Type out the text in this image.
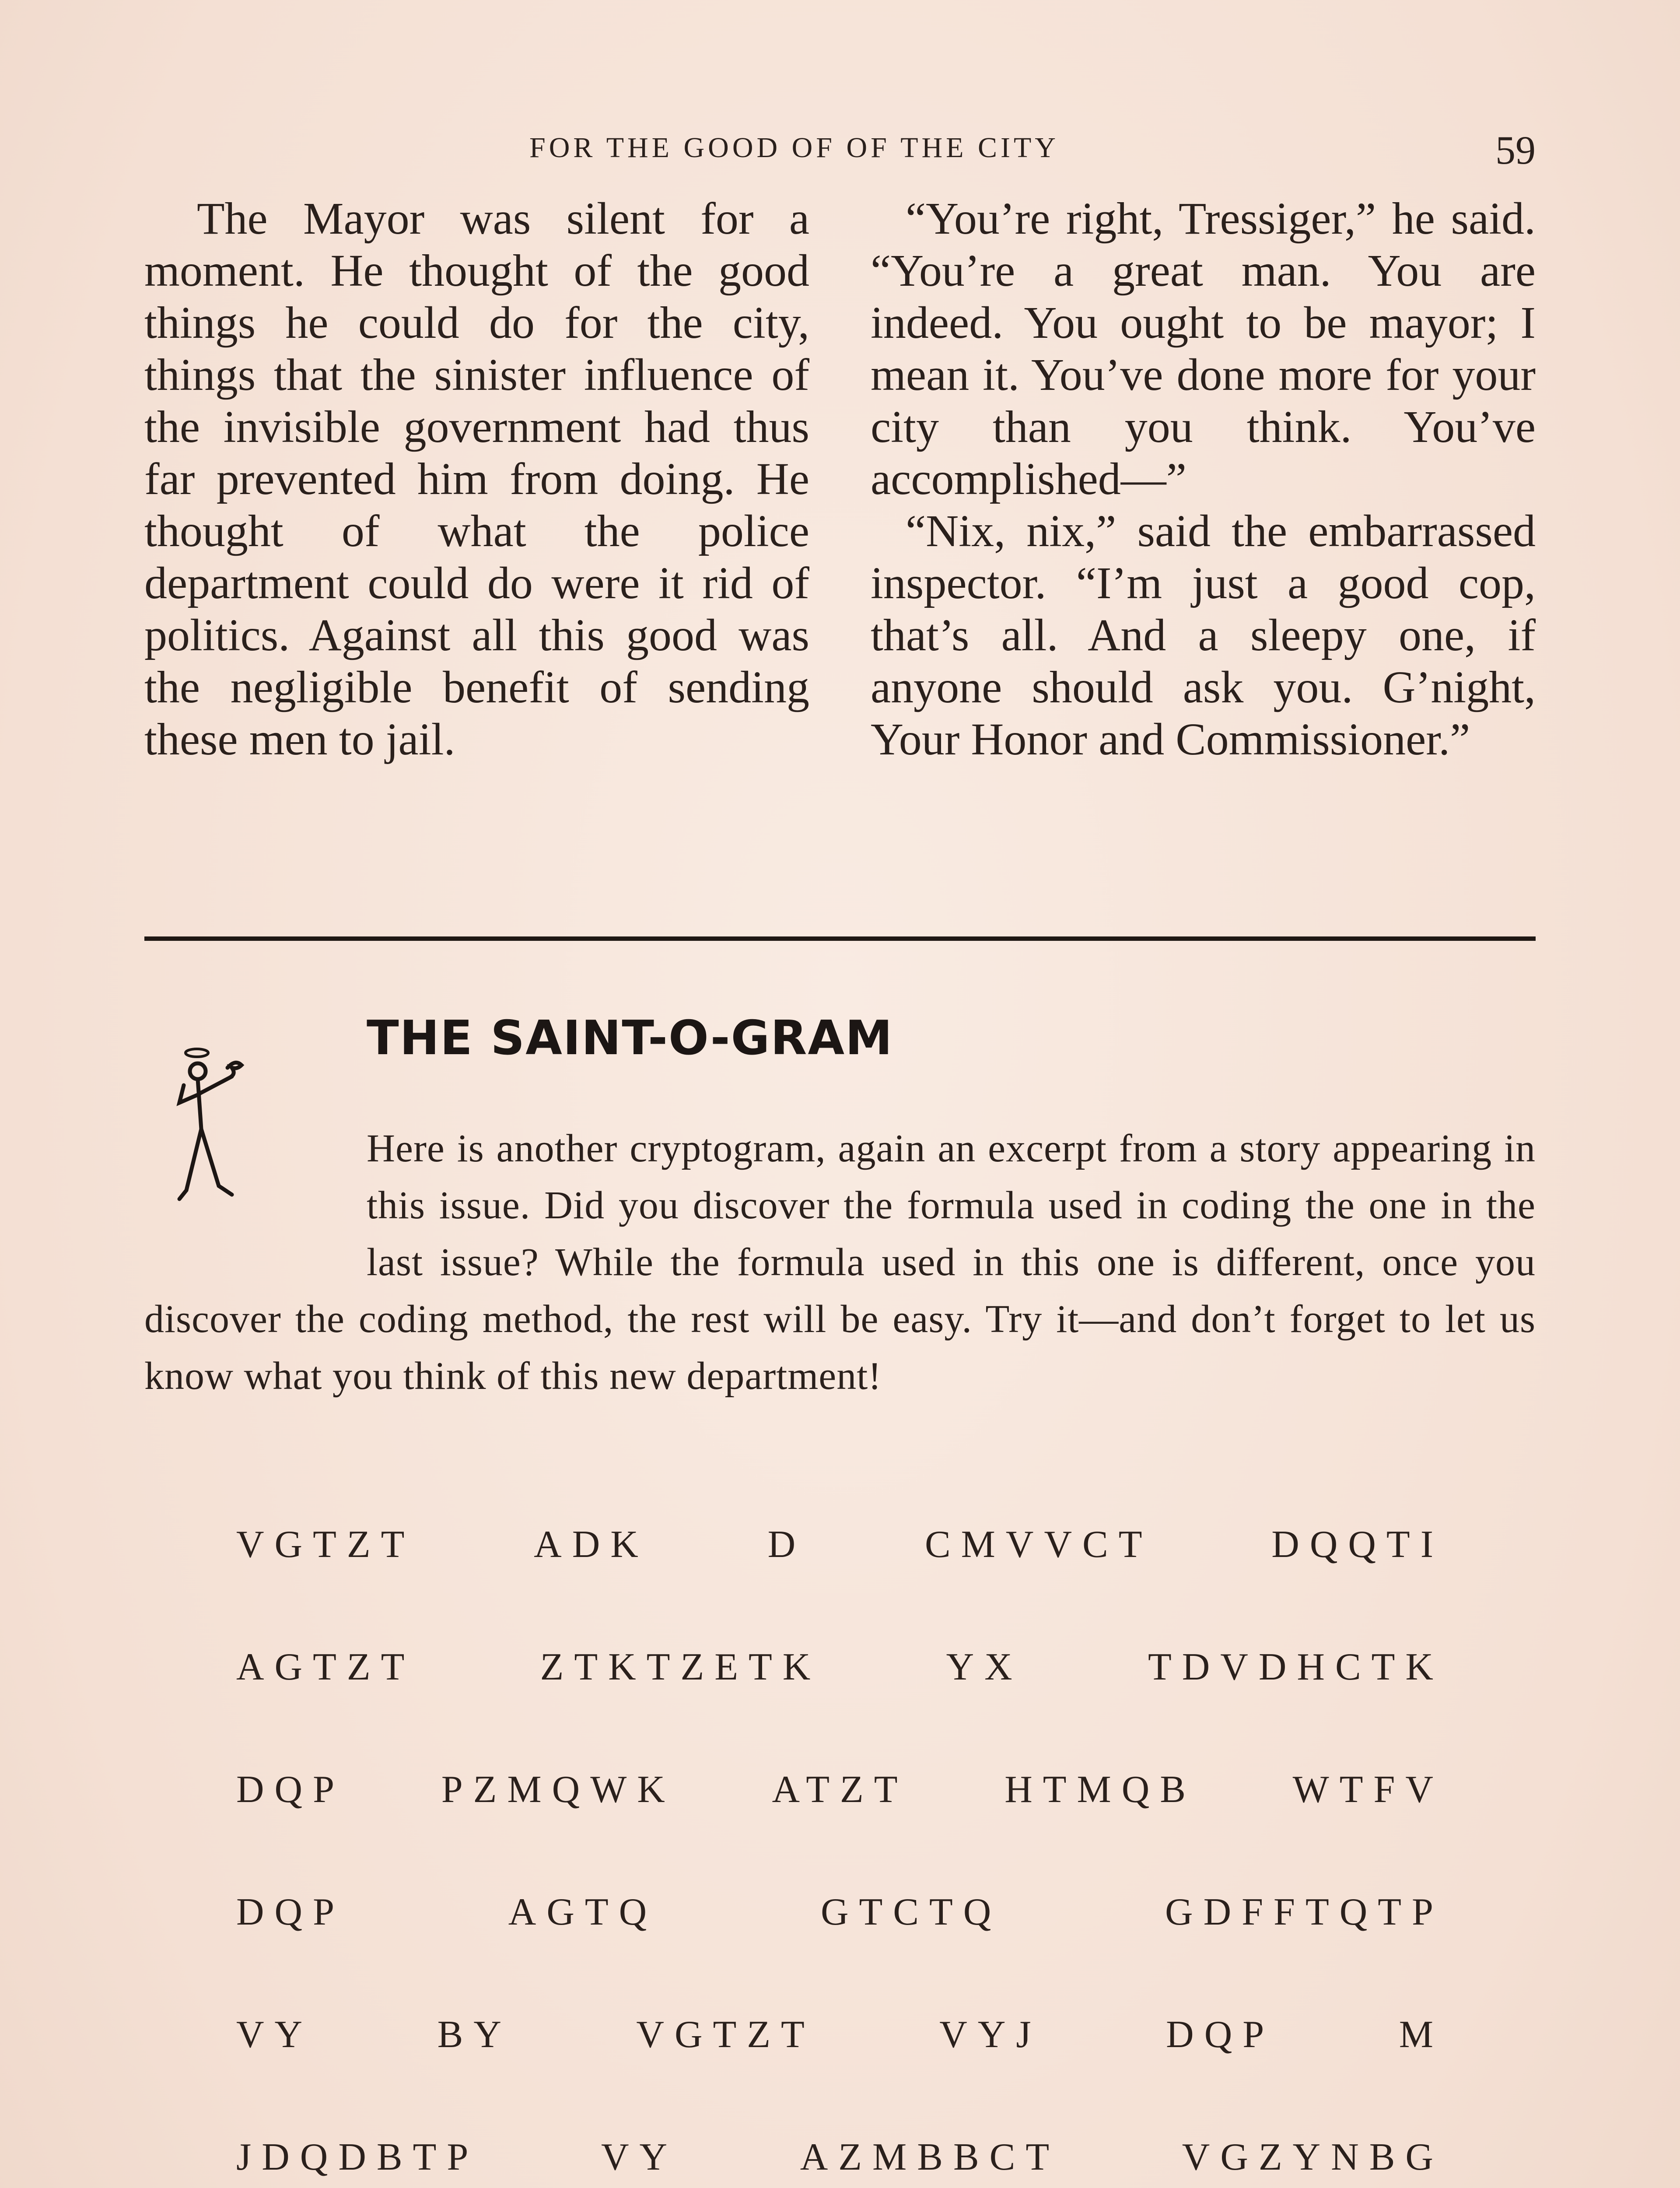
FOR THE GOOD OF OF THE CITY	59

The Mayor was silent for a moment. He thought of the good things he could do for the city, things that the sinister influence of the invisible government had thus far prevented him from doing. He thought of what the police department could do were it rid of politics. Against all this good was the negligible benefit of sending these men to jail.

“You’re right, Tressiger,” he said. “You’re a great man. You are indeed. You ought to be mayor; I mean it. You’ve done more for your city than you think. You’ve accomplished—”

“Nix, nix,” said the embarrassed inspector. “I’m just a good cop, that’s all. And a sleepy one, if anyone should ask you. G’night, Your Honor and Commissioner.”

THE SAINT-O-GRAM
Here is another cryptogram, again an excerpt from a story appearing in this issue. Did you discover the formula used in coding the one in the last issue? While the formula used in this one is different, once you discover the coding method, the rest will be easy. Try it—and don’t forget to let us know what you think of this new department!
VGTZT	ADK	D	CMVVCT	DQQTI
AGTZT	ZTKTZETK	YX	TDVDHCTK
DQP	PZMQWK	ATZT	HTMQB	WTFV
DQP	AGTQ	GTCTQ	GDFFTQTP
VY	BY	VGTZT	VYJ	DQP	M
JDQDBTP	VY	AZMBBCT	VGZYNBG
